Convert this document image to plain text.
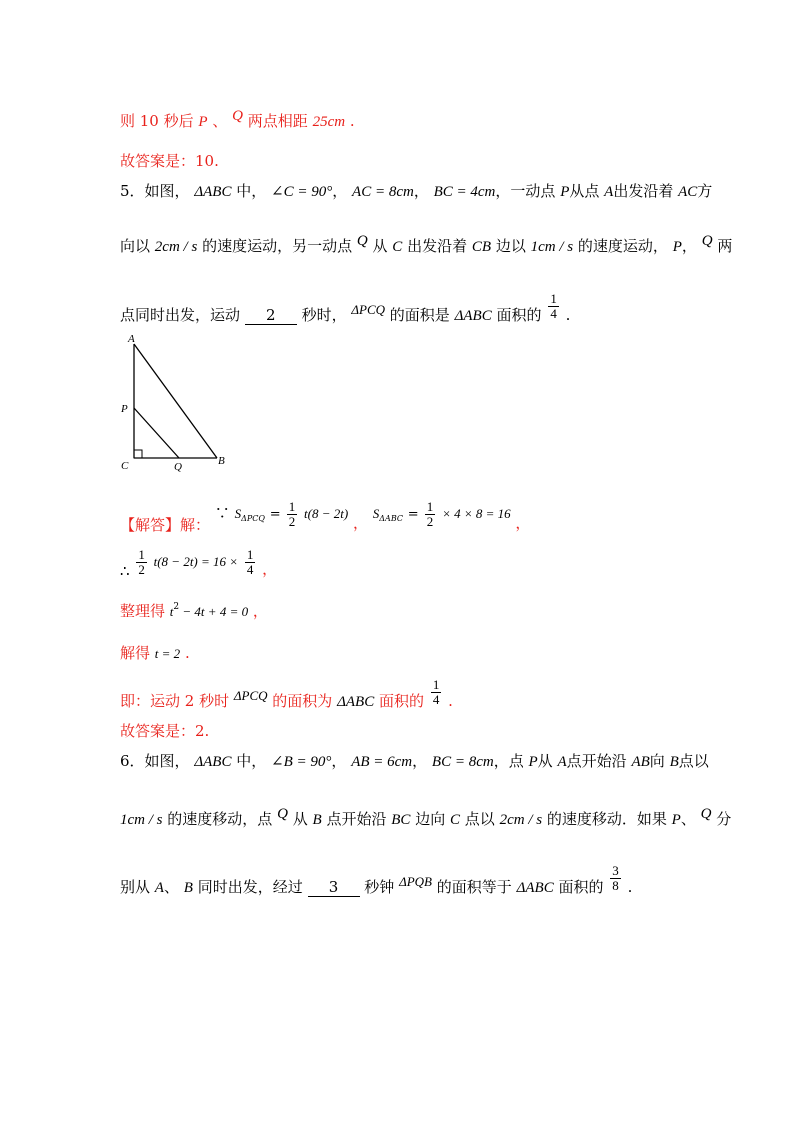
则 10 秒后 P 、 Q 两点相距 25cm .
故答案是：10.
5．如图， ΔABC 中， ∠C = 90°， AC = 8cm， BC = 4cm，一动点 P从点 A出发沿着 AC方
向以 2cm / s 的速度运动，另一动点 Q 从 C 出发沿着 CB 边以 1cm / s 的速度运动， P， Q 两
点同时出发，运动 2 秒时， ΔPCQ 的面积是 ΔABC 面积的 $\frac{1}{4}$ .
A
P
C	Q	B
【解答】解： ∵ $S_{\Delta PCQ} = \frac{1}{2} t(8 - 2t)$ ， $S_{\Delta ABC} = \frac{1}{2} \times 4 \times 8 = 16$ ，
∴ $\frac{1}{2} t(8 - 2t) = 16 \times \frac{1}{4}$ ，
整理得 $t^2 - 4t + 4 = 0$ ，
解得 t = 2 .
即：运动 2 秒时 ΔPCQ 的面积为 ΔABC 面积的 $\frac{1}{4}$ .
故答案是：2.
6．如图， ΔABC 中， ∠B = 90°， AB = 6cm， BC = 8cm，点 P从 A点开始沿 AB向 B点以
1cm / s 的速度移动，点 Q 从 B 点开始沿 BC 边向 C 点以 2cm / s 的速度移动．如果 P、 Q 分
别从 A、 B 同时出发，经过 3 秒钟 ΔPQB 的面积等于 ΔABC 面积的 $\frac{3}{8}$ .
